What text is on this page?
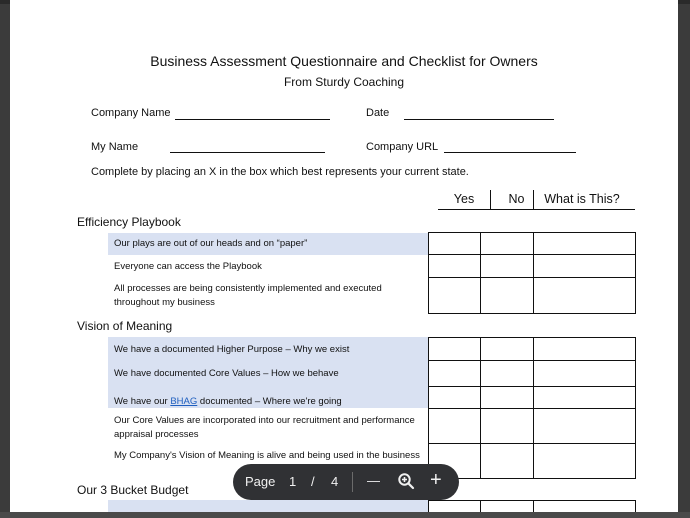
Business Assessment Questionnaire and Checklist for Owners
From Sturdy Coaching
Company Name	Date
My Name	Company URL
Complete by placing an X in the box which best represents your current state.
Yes	No	What is This?
Efficiency Playbook
Our plays are out of our heads and on “paper”
Everyone can access the Playbook
All processes are being consistently implemented and executed throughout my business
Vision of Meaning
We have a documented Higher Purpose – Why we exist
We have documented Core Values – How we behave
We have our BHAG documented – Where we're going
Our Core Values are incorporated into our recruitment and performance appraisal processes
My Company's Vision of Meaning is alive and being used in the business
Our 3 Bucket Budget
Page 1 / 4 —	+
